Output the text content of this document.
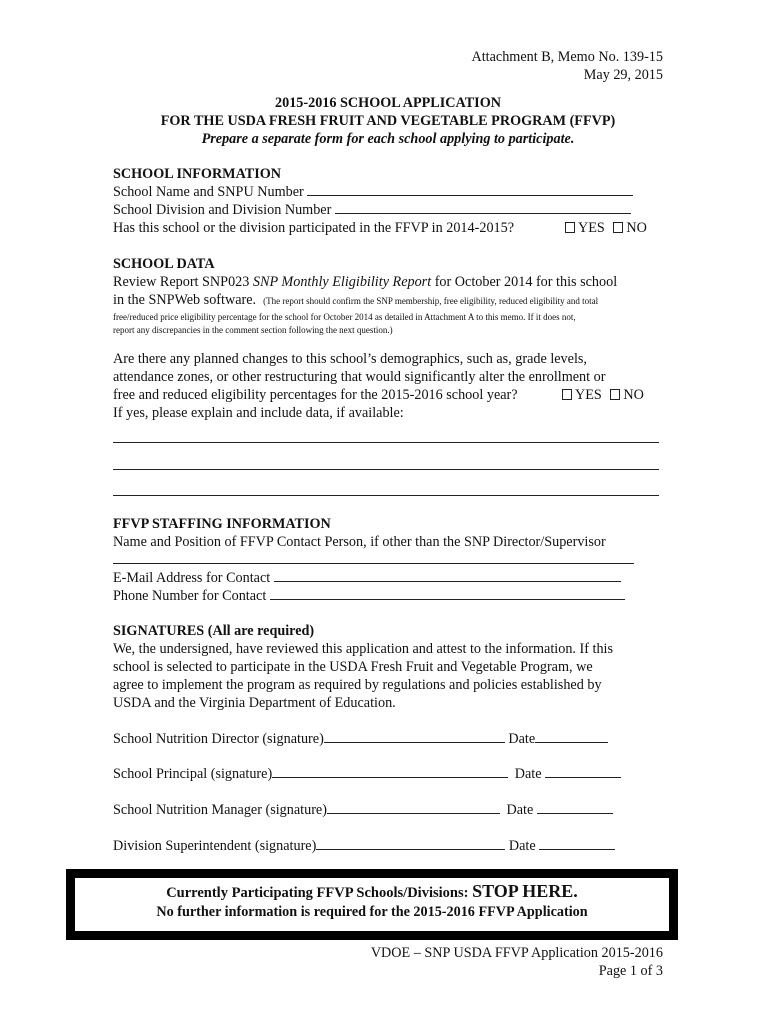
Attachment B, Memo No. 139-15
May 29, 2015
2015-2016 SCHOOL APPLICATION
FOR THE USDA FRESH FRUIT AND VEGETABLE PROGRAM (FFVP)
Prepare a separate form for each school applying to participate.
SCHOOL INFORMATION
School Name and SNPU Number
School Division and Division Number
Has this school or the division participated in the FFVP in 2014-2015?	YES NO
SCHOOL DATA
Review Report SNP023 SNP Monthly Eligibility Report for October 2014 for this school
in the SNPWeb software. (The report should confirm the SNP membership, free eligibility, reduced eligibility and total
free/reduced price eligibility percentage for the school for October 2014 as detailed in Attachment A to this memo. If it does not,
report any discrepancies in the comment section following the next question.)
Are there any planned changes to this school’s demographics, such as, grade levels,
attendance zones, or other restructuring that would significantly alter the enrollment or
free and reduced eligibility percentages for the 2015-2016 school year?	YES NO
If yes, please explain and include data, if available:
FFVP STAFFING INFORMATION
Name and Position of FFVP Contact Person, if other than the SNP Director/Supervisor
E-Mail Address for Contact
Phone Number for Contact
SIGNATURES (All are required)
We, the undersigned, have reviewed this application and attest to the information. If this
school is selected to participate in the USDA Fresh Fruit and Vegetable Program, we
agree to implement the program as required by regulations and policies established by
USDA and the Virginia Department of Education.
School Nutrition Director (signature)	Date
School Principal (signature)	Date
School Nutrition Manager (signature)	Date
Division Superintendent (signature)	Date
VDOE – SNP USDA FFVP Application 2015-2016
Page 1 of 3
Currently Participating FFVP Schools/Divisions: STOP HERE.
No further information is required for the 2015-2016 FFVP Application
